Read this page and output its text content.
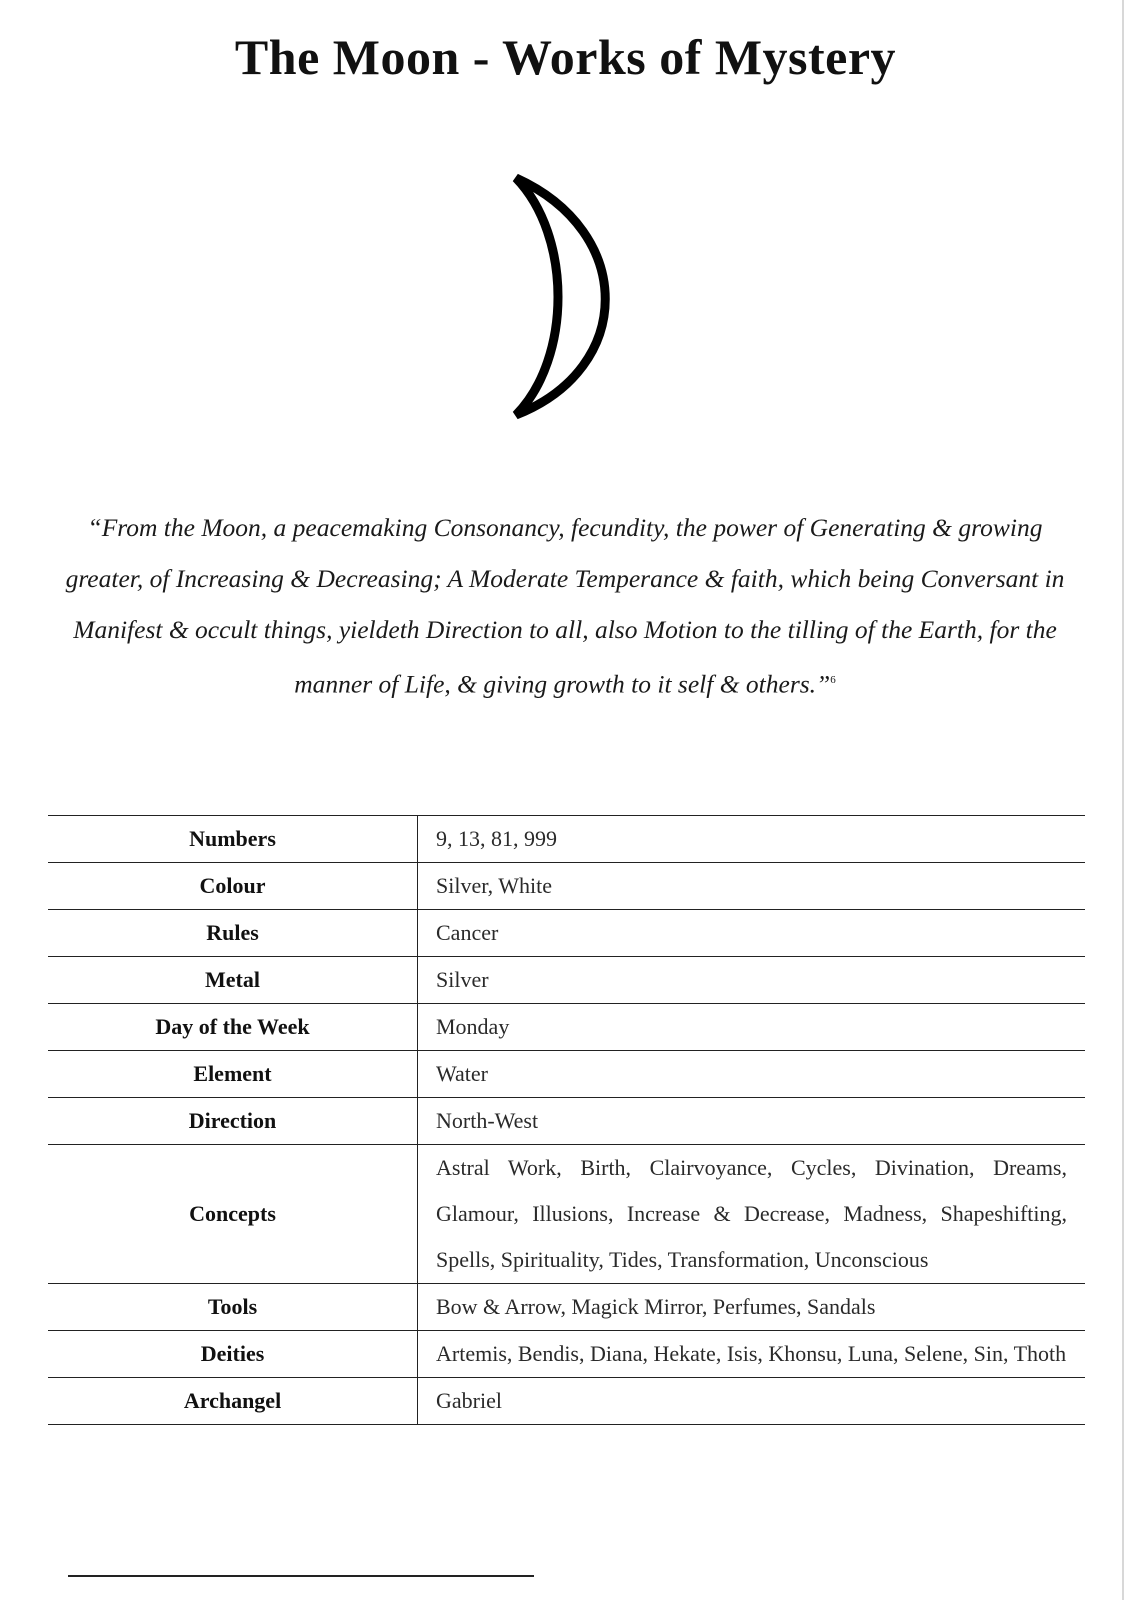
The Moon - Works of Mystery

“From the Moon, a peacemaking Consonancy, fecundity, the power of Generating & growing greater, of Increasing & Decreasing; A Moderate Temperance & faith, which being Conversant in Manifest & occult things, yieldeth Direction to all, also Motion to the tilling of the Earth, for the manner of Life, & giving growth to it self & others.”$^6$

Numbers	9, 13, 81, 999
Colour	Silver, White
Rules	Cancer
Metal	Silver
Day of the Week	Monday
Element	Water
Direction	North-West
Concepts	Astral Work, Birth, Clairvoyance, Cycles, Divination, Dreams, Glamour, Illusions, Increase & Decrease, Madness, Shapeshifting, Spells, Spirituality, Tides, Transformation, Unconscious
Tools	Bow & Arrow, Magick Mirror, Perfumes, Sandals
Deities	Artemis, Bendis, Diana, Hekate, Isis, Khonsu, Luna, Selene, Sin, Thoth
Archangel	Gabriel
